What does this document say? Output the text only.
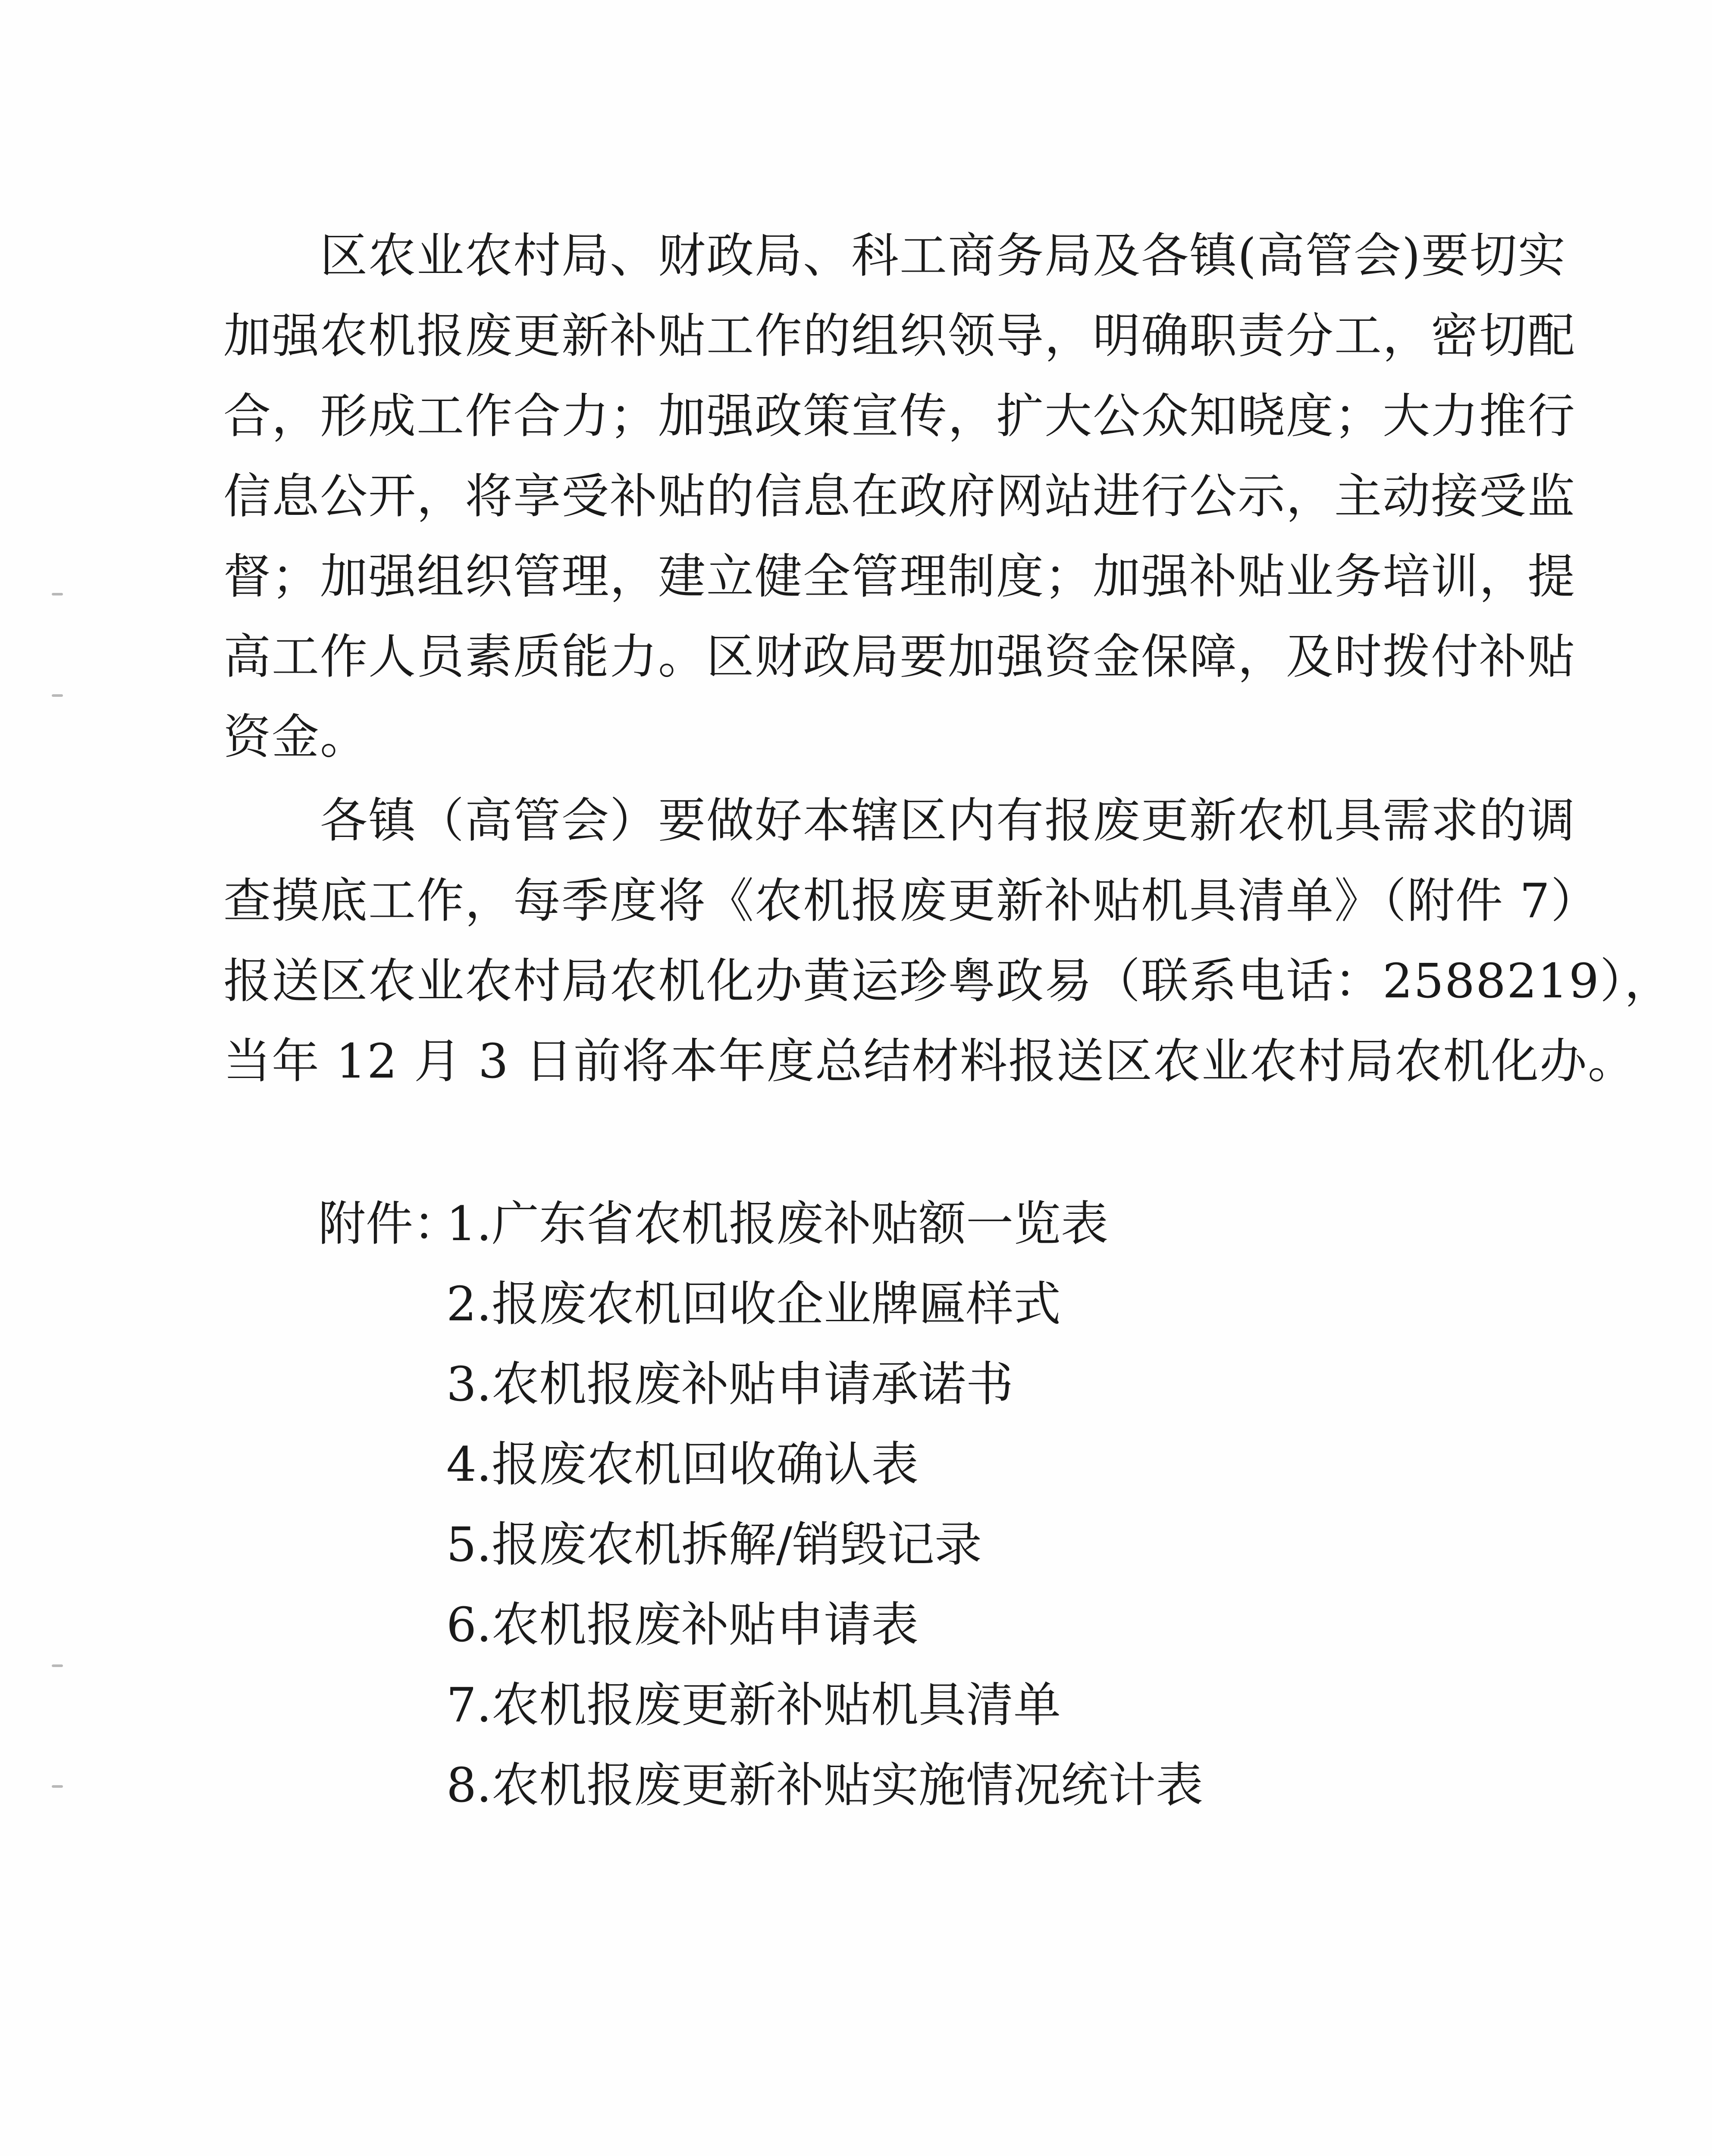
　　区农业农村局、财政局、科工商务局及各镇(高管会)要切实
加强农机报废更新补贴工作的组织领导，明确职责分工，密切配
合，形成工作合力；加强政策宣传，扩大公众知晓度；大力推行
信息公开，将享受补贴的信息在政府网站进行公示，主动接受监
督；加强组织管理，建立健全管理制度；加强补贴业务培训，提
高工作人员素质能力。区财政局要加强资金保障，及时拨付补贴
资金。

　　各镇（高管会）要做好本辖区内有报废更新农机具需求的调
查摸底工作，每季度将《农机报废更新补贴机具清单》（附件 7）
报送区农业农村局农机化办黄运珍粤政易（联系电话：2588219），
当年 12 月 3 日前将本年度总结材料报送区农业农村局农机化办。

附件：
1.广东省农机报废补贴额一览表
2.报废农机回收企业牌匾样式
3.农机报废补贴申请承诺书
4.报废农机回收确认表
5.报废农机拆解/销毁记录
6.农机报废补贴申请表
7.农机报废更新补贴机具清单
8.农机报废更新补贴实施情况统计表
